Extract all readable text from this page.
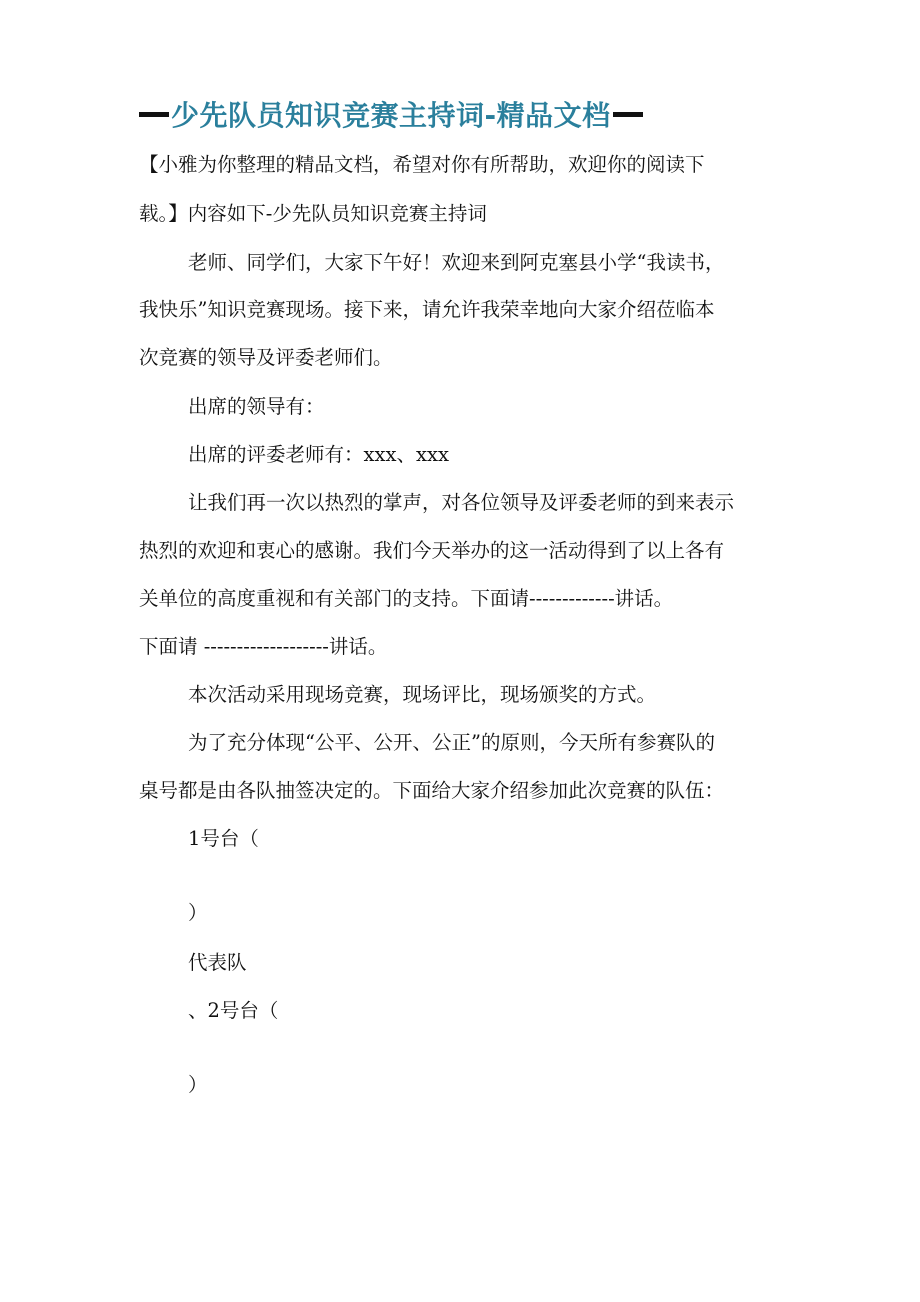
少先队员知识竞赛主持词-精品文档
【小雅为你整理的精品文档，希望对你有所帮助，欢迎你的阅读下
载。】内容如下-少先队员知识竞赛主持词
老师、同学们，大家下午好！欢迎来到阿克塞县小学“我读书，
我快乐”知识竞赛现场。接下来，请允许我荣幸地向大家介绍莅临本
次竞赛的领导及评委老师们。
出席的领导有：
出席的评委老师有：xxx、xxx
让我们再一次以热烈的掌声，对各位领导及评委老师的到来表示
热烈的欢迎和衷心的感谢。我们今天举办的这一活动得到了以上各有
关单位的高度重视和有关部门的支持。下面请-------------讲话。
下面请 -------------------讲话。
本次活动采用现场竞赛，现场评比，现场颁奖的方式。
为了充分体现“公平、公开、公正”的原则，今天所有参赛队的
桌号都是由各队抽签决定的。下面给大家介绍参加此次竞赛的队伍：
1号台（
）
代表队
、2号台（
）
